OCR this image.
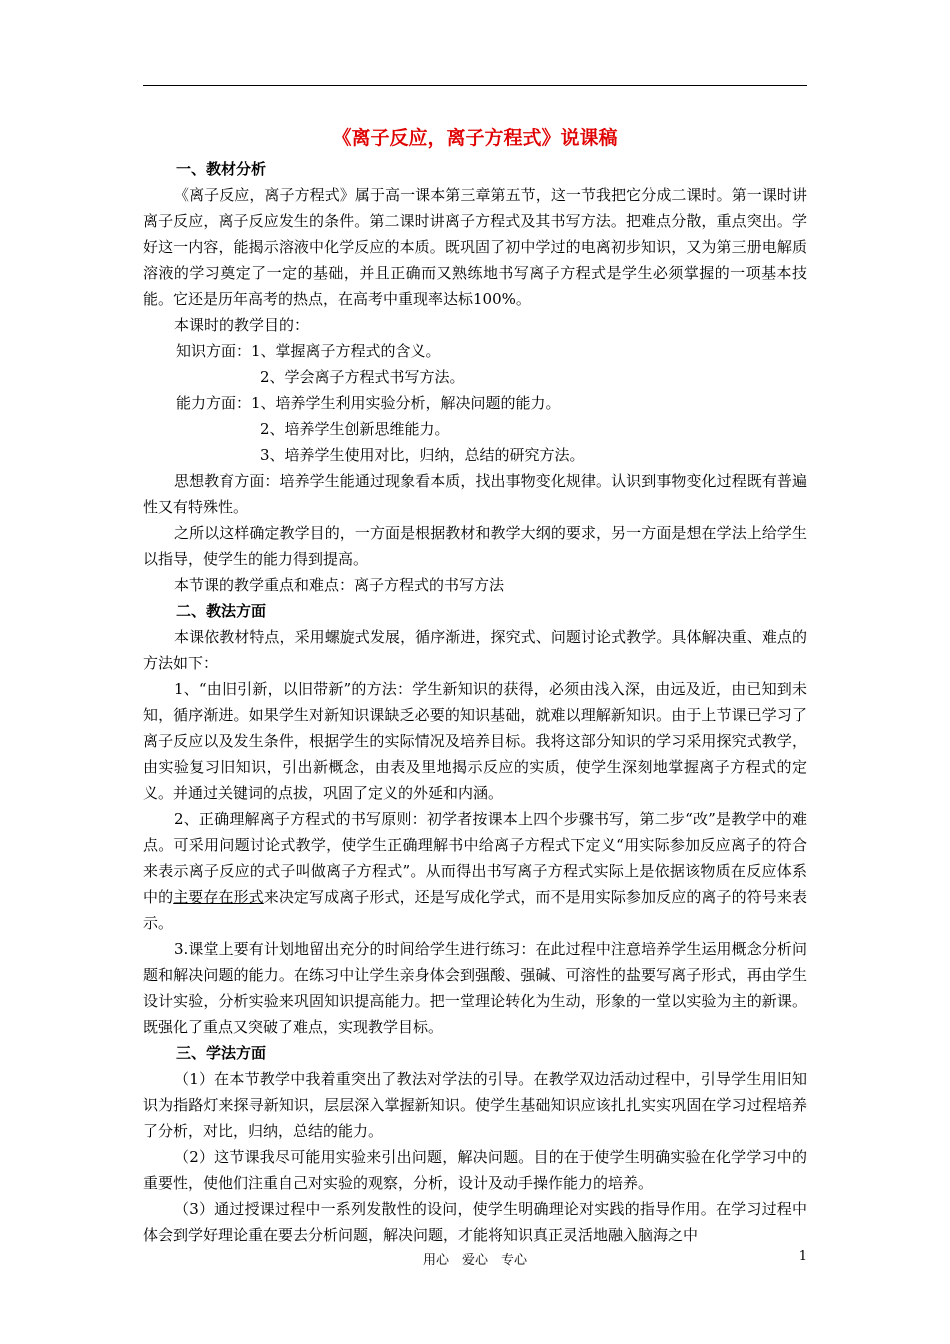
《离子反应，离子方程式》说课稿
一、教材分析

《离子反应，离子方程式》属于高一课本第三章第五节，这一节我把它分成二课时。第一课时讲离子反应，离子反应发生的条件。第二课时讲离子方程式及其书写方法。把难点分散，重点突出。学好这一内容，能揭示溶液中化学反应的本质。既巩固了初中学过的电离初步知识，又为第三册电解质溶液的学习奠定了一定的基础，并且正确而又熟练地书写离子方程式是学生必须掌握的一项基本技能。它还是历年高考的热点，在高考中重现率达标100%。

本课时的教学目的：

知识方面：1、掌握离子方程式的含义。
2、学会离子方程式书写方法。
能力方面：1、培养学生利用实验分析，解决问题的能力。
2、培养学生创新思维能力。
3、培养学生使用对比，归纳，总结的研究方法。

思想教育方面：培养学生能通过现象看本质，找出事物变化规律。认识到事物变化过程既有普遍性又有特殊性。

之所以这样确定教学目的，一方面是根据教材和教学大纲的要求，另一方面是想在学法上给学生以指导，使学生的能力得到提高。

本节课的教学重点和难点：离子方程式的书写方法

二、教法方面

本课依教材特点，采用螺旋式发展，循序渐进，探究式、问题讨论式教学。具体解决重、难点的方法如下：

1、“由旧引新，以旧带新”的方法：学生新知识的获得，必须由浅入深，由远及近，由已知到未知，循序渐进。如果学生对新知识课缺乏必要的知识基础，就难以理解新知识。由于上节课已学习了离子反应以及发生条件，根据学生的实际情况及培养目标。我将这部分知识的学习采用探究式教学，由实验复习旧知识，引出新概念，由表及里地揭示反应的实质，使学生深刻地掌握离子方程式的定义。并通过关键词的点拔，巩固了定义的外延和内涵。

2、正确理解离子方程式的书写原则：初学者按课本上四个步骤书写，第二步“改”是教学中的难点。可采用问题讨论式教学，使学生正确理解书中给离子方程式下定义“用实际参加反应离子的符合来表示离子反应的式子叫做离子方程式”。从而得出书写离子方程式实际上是依据该物质在反应体系中的主要存在形式来决定写成离子形式，还是写成化学式，而不是用实际参加反应的离子的符号来表示。

3.课堂上要有计划地留出充分的时间给学生进行练习：在此过程中注意培养学生运用概念分析问题和解决问题的能力。在练习中让学生亲身体会到强酸、强碱、可溶性的盐要写离子形式，再由学生设计实验，分析实验来巩固知识提高能力。把一堂理论转化为生动，形象的一堂以实验为主的新课。既强化了重点又突破了难点，实现教学目标。

三、学法方面

（1）在本节教学中我着重突出了教法对学法的引导。在教学双边活动过程中，引导学生用旧知识为指路灯来探寻新知识，层层深入掌握新知识。使学生基础知识应该扎扎实实巩固在学习过程培养了分析，对比，归纳，总结的能力。

（2）这节课我尽可能用实验来引出问题，解决问题。目的在于使学生明确实验在化学学习中的重要性，使他们注重自己对实验的观察，分析，设计及动手操作能力的培养。

（3）通过授课过程中一系列发散性的设问，使学生明确理论对实践的指导作用。在学习过程中体会到学好理论重在要去分析问题，解决问题，才能将知识真正灵活地融入脑海之中

用心　爱心　专心	1
